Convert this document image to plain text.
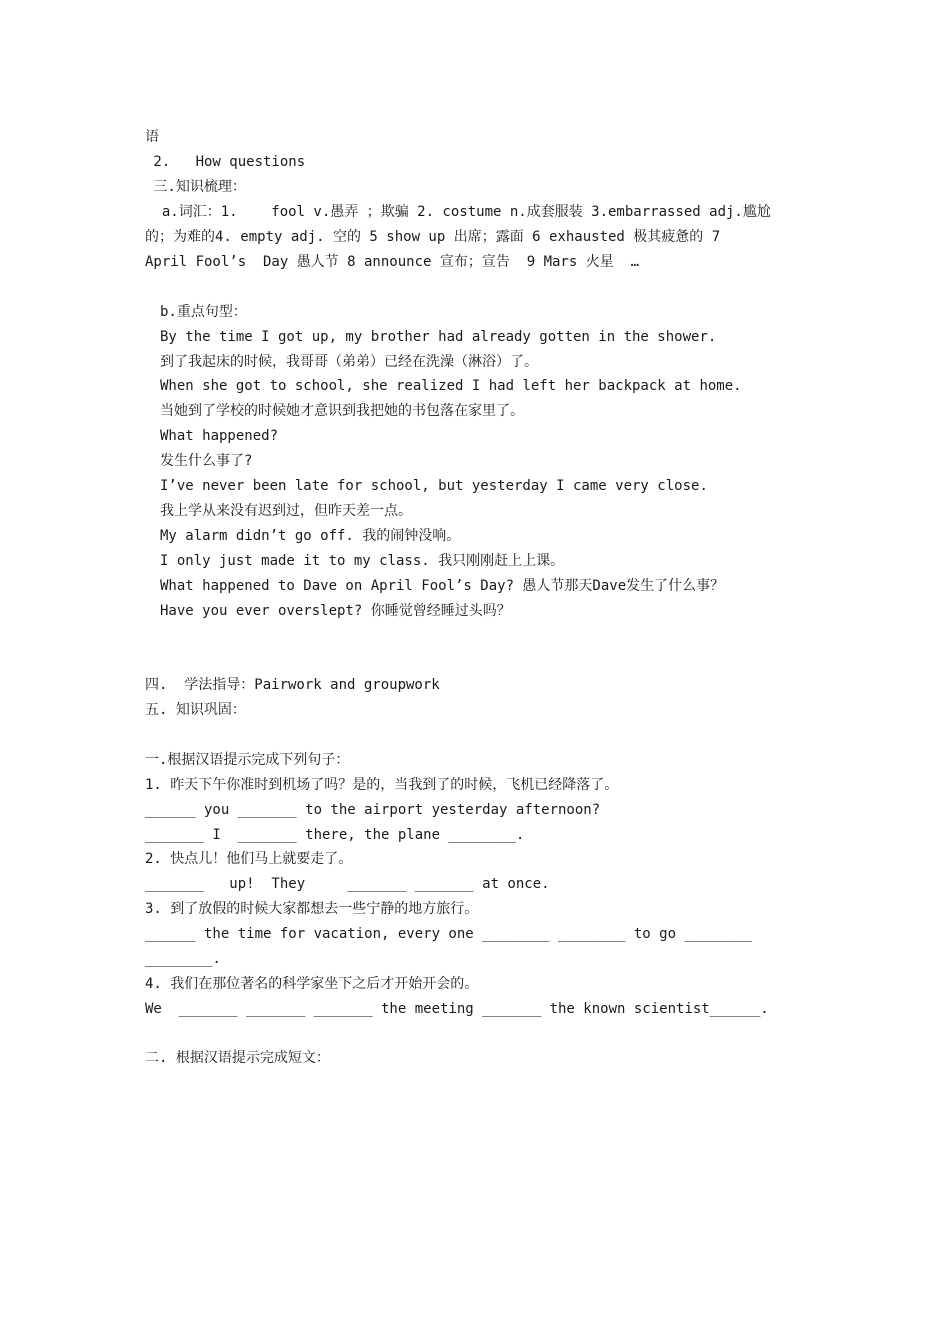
语
2.   How questions
三.知识梳理：
a.词汇：1.    fool v.愚弄 ；欺骗 2. costume n.成套服装 3.embarrassed adj.尴尬
的；为难的4. empty adj. 空的 5 show up 出席；露面 6 exhausted 极其疲惫的 7
April Fool’s  Day 愚人节 8 announce 宣布；宣告  9 Mars 火星  …
b.重点句型：
By the time I got up, my brother had already gotten in the shower.
到了我起床的时候，我哥哥（弟弟）已经在洗澡（淋浴）了。
When she got to school, she realized I had left her backpack at home.
当她到了学校的时候她才意识到我把她的书包落在家里了。
What happened?
发生什么事了?
I’ve never been late for school, but yesterday I came very close.
我上学从来没有迟到过，但昨天差一点。
My alarm didn’t go off. 我的闹钟没响。
I only just made it to my class. 我只刚刚赶上上课。
What happened to Dave on April Fool’s Day? 愚人节那天Dave发生了什么事？
Have you ever overslept? 你睡觉曾经睡过头吗？
四.  学法指导：Pairwork and groupwork
五. 知识巩固：
一.根据汉语提示完成下列句子：
1. 昨天下午你准时到机场了吗？是的，当我到了的时候，飞机已经降落了。
______ you _______ to the airport yesterday afternoon?
_______ I  _______ there, the plane ________.
2. 快点儿！他们马上就要走了。
_______   up!  They     _______ _______ at once.
3. 到了放假的时候大家都想去一些宁静的地方旅行。
______ the time for vacation, every one ________ ________ to go ________
________.
4. 我们在那位著名的科学家坐下之后才开始开会的。
We  _______ _______ _______ the meeting _______ the known scientist______.
二. 根据汉语提示完成短文：
